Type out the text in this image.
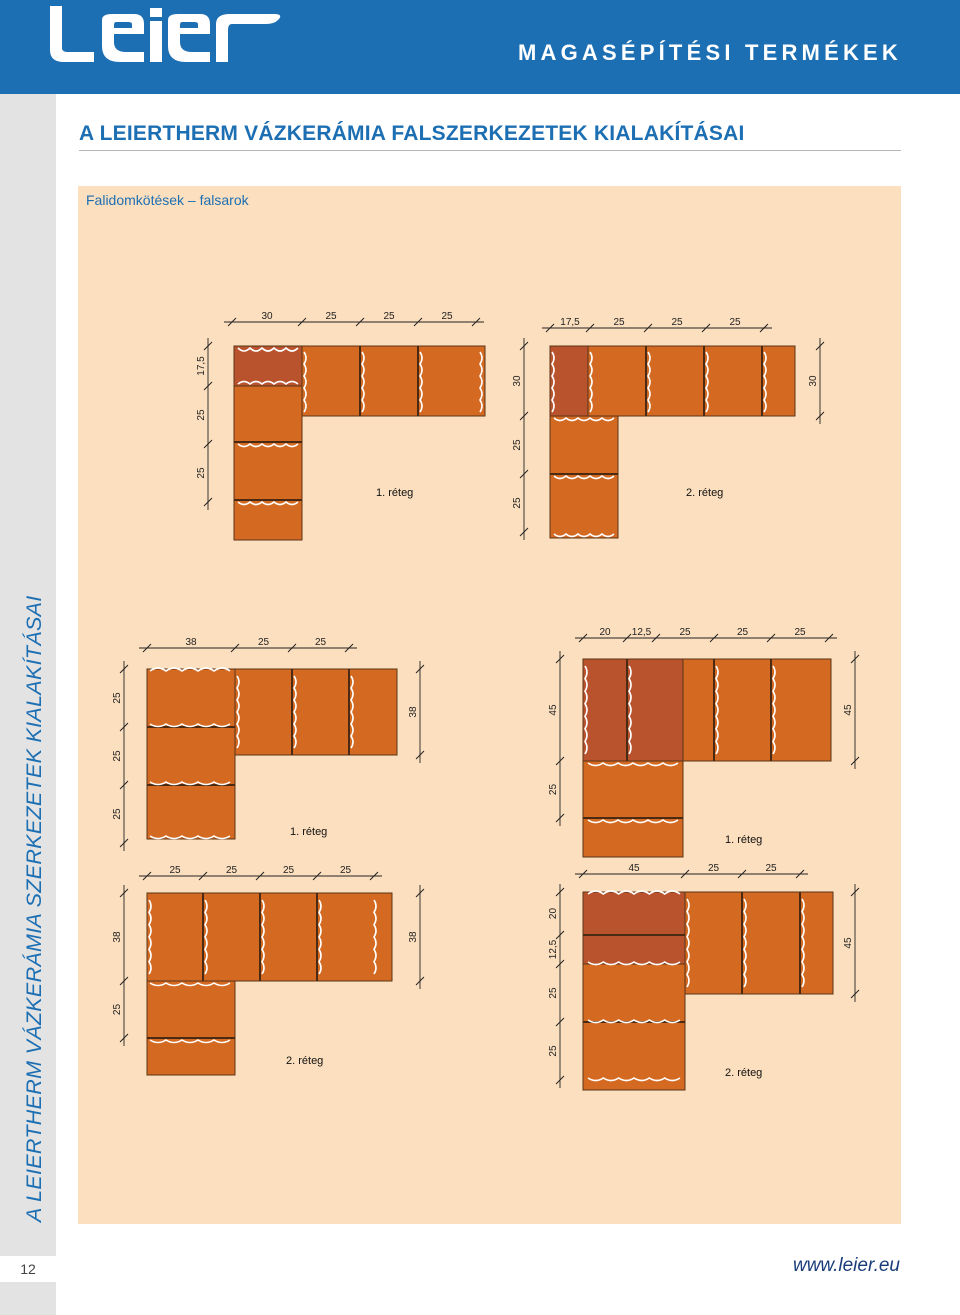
MAGASÉPÍTÉSI TERMÉKEK
A LEIERTHERM VÁZKERÁMIA SZERKEZETEK KIALAKÍTÁSAI
12
A LEIERTHERM VÁZKERÁMIA FALSZERKEZETEK KIALAKÍTÁSAI
Falidomkötések – falsarok
30	25	25	25
17,5
25
25
1. réteg
17,5	25	25	25
30
25
25
30
2. réteg
38	25	25
25
25
25
38
1. réteg
25	25	25	25
38
25
38
2. réteg
20 12,5	25	25	25
45
25
45
1. réteg
45	25	25
20
12,5
25
25
45
2. réteg
www.leier.eu
